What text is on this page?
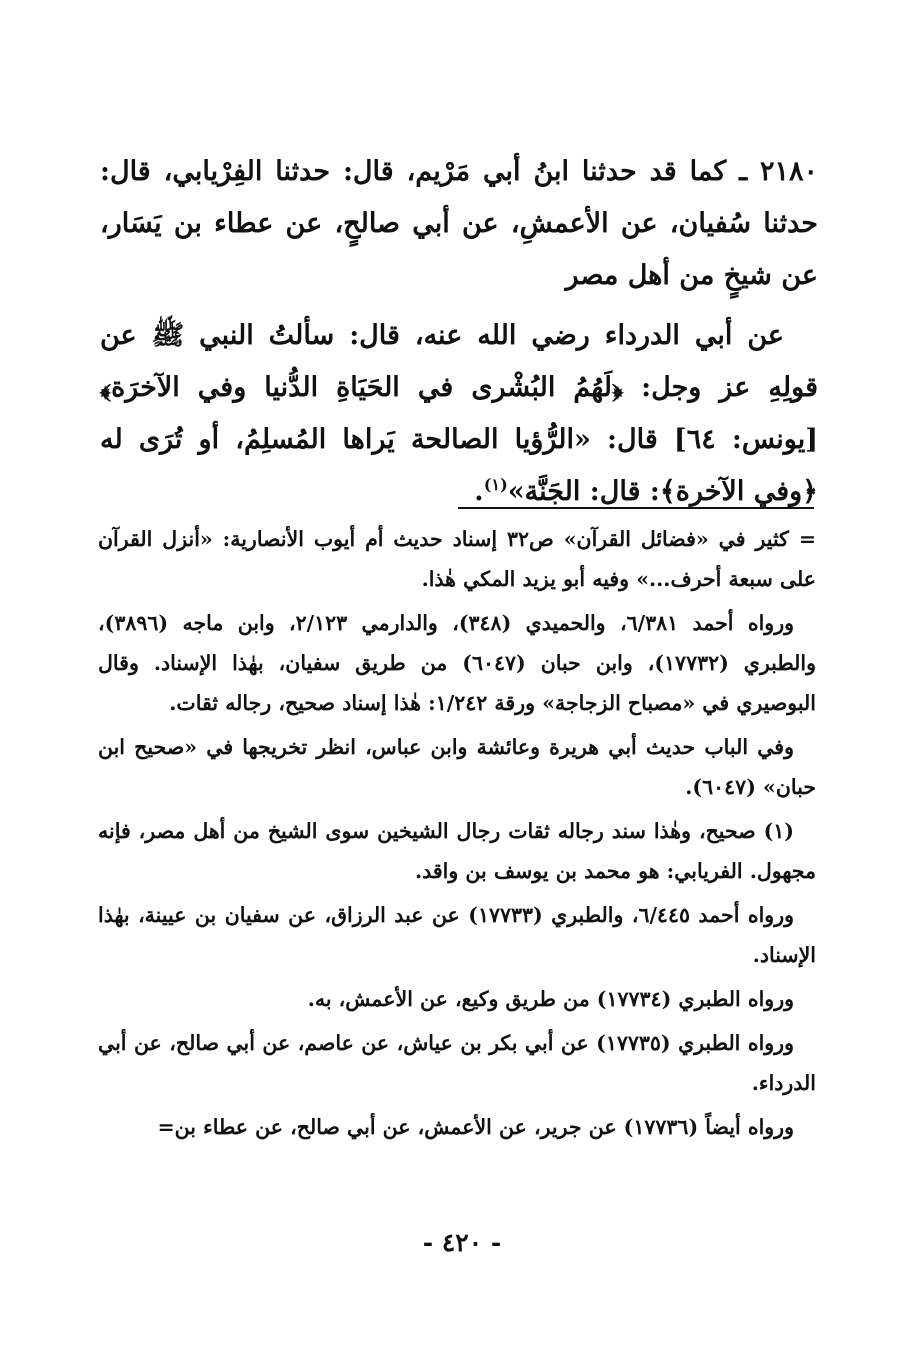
٢١٨٠ ـ كما قد حدثنا ابنُ أبي مَرْيم، قال: حدثنا الفِرْيابي، قال: حدثنا سُفيان، عن الأعمشِ، عن أبي صالحٍ، عن عطاء بن يَسَار، عن شيخٍ من أهل مصر

عن أبي الدرداء رضي الله عنه، قال: سألتُ النبي ﷺ عن قولِهِ عز وجل: ﴿لَهُمُ البُشْرى في الحَيَاةِ الدُّنيا وفي الآخرَة﴾ [يونس: ٦٤] قال: «الرُّؤيا الصالحة يَراها المُسلِمُ، أو تُرَى له ﴿وفي الآخرة﴾: قال: الجَنَّة»$^{(١)}$.

= كثير في «فضائل القرآن» ص٣٢ إسناد حديث أم أيوب الأنصارية: «أنزل القرآن على سبعة أحرف...» وفيه أبو يزيد المكي هٰذا.

ورواه أحمد ٦/٣٨١، والحميدي (٣٤٨)، والدارمي ٢/١٢٣، وابن ماجه (٣٨٩٦)، والطبري (١٧٧٣٢)، وابن حبان (٦٠٤٧) من طريق سفيان، بهٰذا الإسناد. وقال البوصيري في «مصباح الزجاجة» ورقة ١/٢٤٢: هٰذا إسناد صحيح، رجاله ثقات.

وفي الباب حديث أبي هريرة وعائشة وابن عباس، انظر تخريجها في «صحيح ابن حبان» (٦٠٤٧).

(١) صحيح، وهٰذا سند رجاله ثقات رجال الشيخين سوى الشيخ من أهل مصر، فإنه مجهول. الفريابي: هو محمد بن يوسف بن واقد.

ورواه أحمد ٦/٤٤٥، والطبري (١٧٧٣٣) عن عبد الرزاق، عن سفيان بن عيينة، بهٰذا الإسناد.

ورواه الطبري (١٧٧٣٤) من طريق وكيع، عن الأعمش، به.

ورواه الطبري (١٧٧٣٥) عن أبي بكر بن عياش، عن عاصم، عن أبي صالح، عن أبي الدرداء.

ورواه أيضاً (١٧٧٣٦) عن جرير، عن الأعمش، عن أبي صالح، عن عطاء بن=

- ٤٢٠ -
